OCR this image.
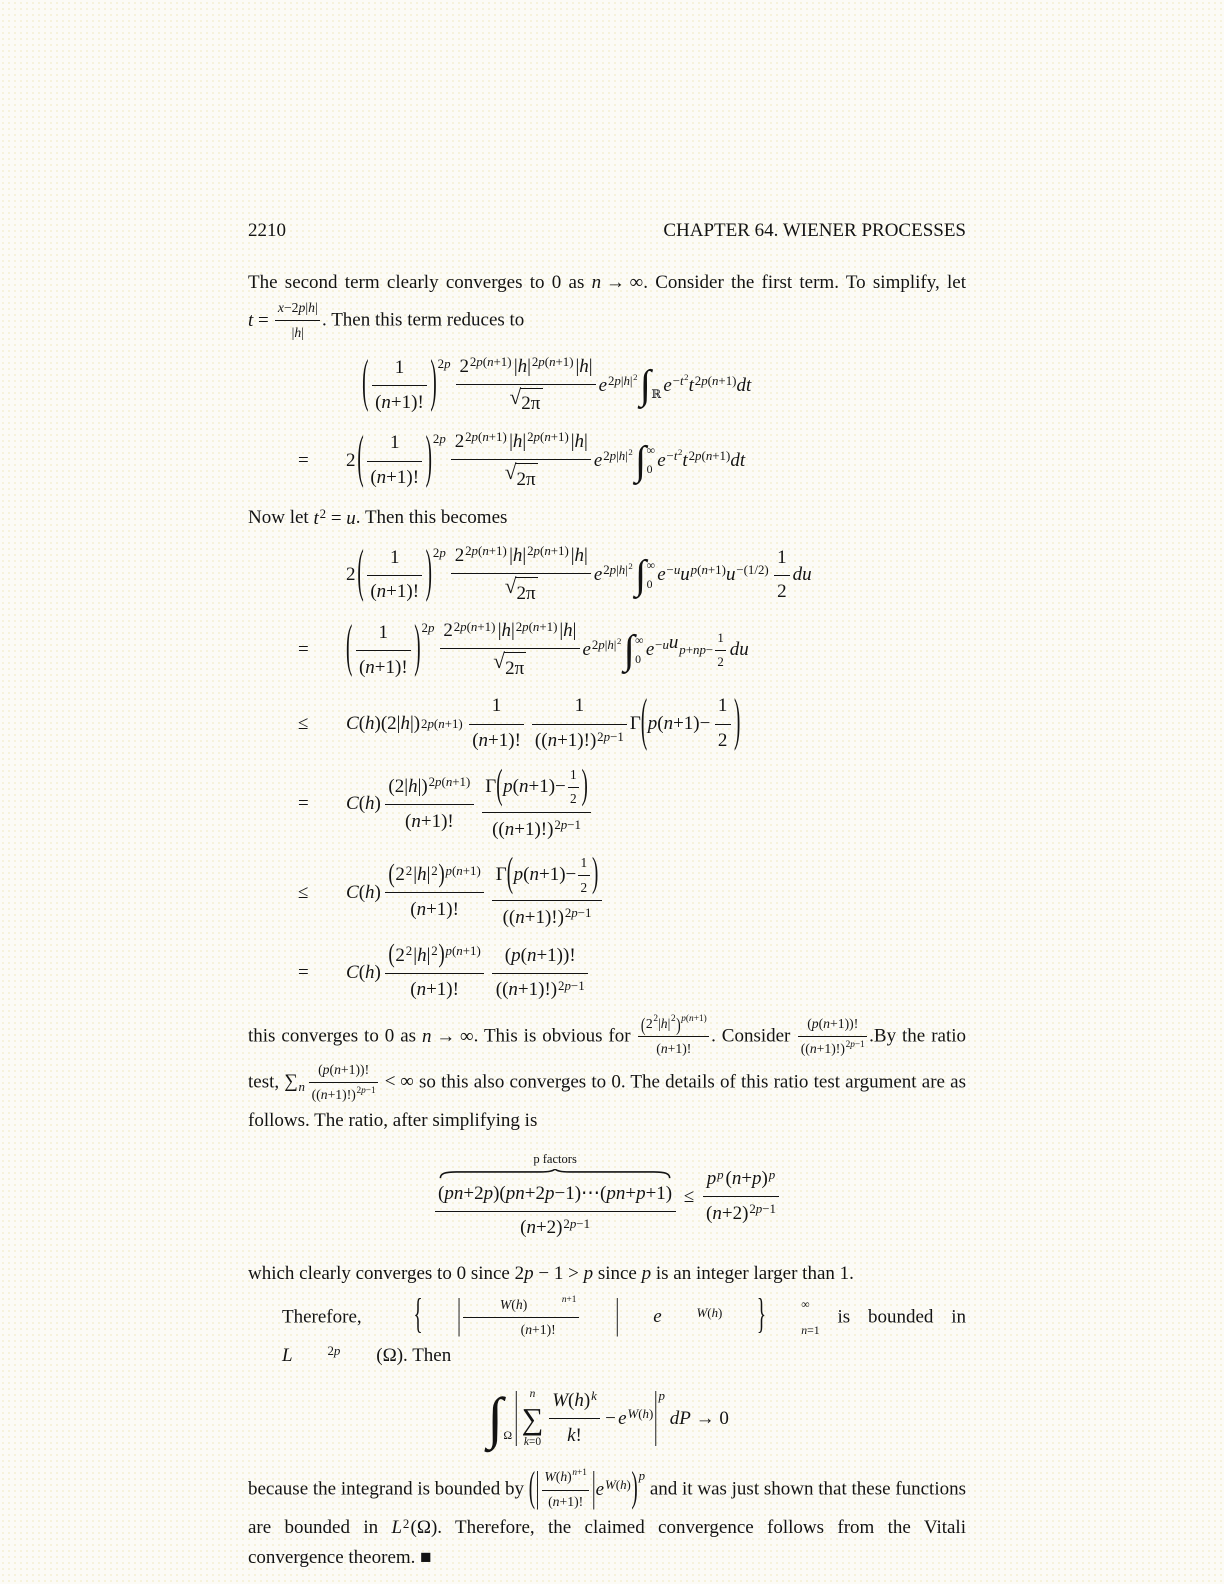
2210	CHAPTER 64. WIENER PROCESSES

The second term clearly converges to 0 as n → ∞ . Consider the first term. To simplify, let
t =
x−2p|h|
|h|
. Then this term reduces to

( 1
(n+1)! ) 2p 2 2p(n+1) |h| 2p(n+1) |h|
√ 2π
e 2p |h| 2 ∫ ℝ e −t 2 t 2p(n+1) dt
=	2 ( 1
(n+1)! ) 2p 2 2p(n+1) |h| 2p(n+1) |h|
√ 2π
e 2p |h| 2 ∫ ∞
0 e −t 2 t 2p(n+1) dt

Now let t 2 = u . Then this becomes

2 ( 1
(n+1)! ) 2p 2 2p(n+1) |h| 2p(n+1) |h|
√ 2π
e 2p |h| 2 ∫ ∞
0 e −u u p(n+1) u −(1/2)
1
2
du
=	( 1
(n+1)! ) 2p 2 2p(n+1) |h| 2p(n+1) |h|
√ 2π
e 2p |h| 2 ∫ ∞
0 e −u u p+np−
1
2
du
≤	C(h)(2|h|) 2p(n+1)
1
(n+1)!
1
((n+1)!) 2p−1
Γ ( p(n+1)−
1
2 )
=	C(h)
(2|h|) 2p(n+1)
(n+1)!
Γ ( p(n+1)−
1
2 )
((n+1)!) 2p−1
≤	C(h)
( 2 2 |h| 2 ) p(n+1)
(n+1)!
Γ ( p(n+1)−
1
2 )
((n+1)!) 2p−1
=	C(h)
( 2 2 |h| 2 ) p(n+1)
(n+1)!
(p(n+1))!
((n+1)!) 2p−1

this converges to 0 as n → ∞ . This is obvious for
( 2 2 |h| 2 ) p(n+1)
(n+1)!
. Consider
(p(n+1))!
((n+1)!) 2p−1 .By the ratio test, ∑ n
(p(n+1))!
((n+1)!) 2p−1 < ∞ so this also converges to 0. The details of this ratio test argument are as follows. The ratio, after simplifying is

p factors
(pn+2p)(pn+2p−1)⋯(pn+p+1)
(n+2) 2p−1
≤
p p (n+p) p
(n+2) 2p−1

which clearly converges to 0 since 2p − 1 > p since p is an integer larger than 1.

Therefore,	{	|	W(h)	n+1
(n+1)!	|	e	W(h)	}	∞
n=1
is bounded in
L	2p	(Ω) . Then

∫ Ω | n
∑
k=0
W(h) k
k!
− e W(h) | p
dP → 0

because the integrand is bounded by ( | W(h) n+1
(n+1)! | e W(h) ) p
and it was just shown that these functions are bounded in L 2 (Ω) . Therefore, the claimed convergence follows from the Vitali convergence theorem. ■
